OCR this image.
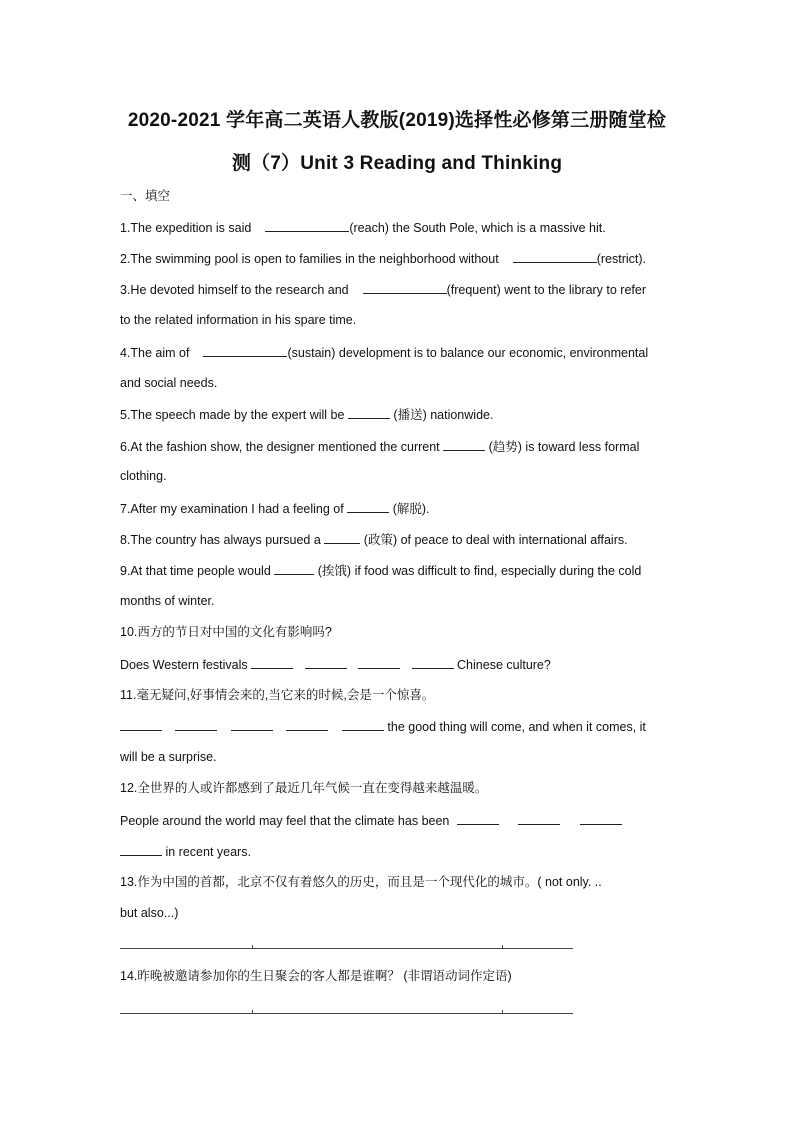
2020-2021 学年高二英语人教版(2019)选择性必修第三册随堂检
测（7）Unit 3 Reading and Thinking
一、填空
1.The expedition is said	(reach) the South Pole, which is a massive hit.
2.The swimming pool is open to families in the neighborhood without	(restrict).
3.He devoted himself to the research and	(frequent) went to the library to refer
to the related information in his spare time.
4.The aim of	(sustain) development is to balance our economic, environmental
and social needs.
5.The speech made by the expert will be	(播送) nationwide.
6.At the fashion show, the designer mentioned the current	(趋势) is toward less formal
clothing.
7.After my examination I had a feeling of	(解脱).
8.The country has always pursued a	(政策) of peace to deal with international affairs.
9.At that time people would	(挨饿) if food was difficult to find, especially during the cold
months of winter.
10.西方的节日对中国的文化有影响吗?
Does Western festivals	Chinese culture?
11.毫无疑问,好事情会来的,当它来的时候,会是一个惊喜。
the good thing will come, and when it comes, it
will be a surprise.
12.全世界的人或许都感到了最近几年气候一直在变得越来越温暖。
People around the world may feel that the climate has been
in recent years.
13.作为中国的首都，北京不仅有着悠久的历史，而且是一个现代化的城市。( not only. ..
but also...)
14.昨晚被邀请参加你的生日聚会的客人都是谁啊？ (非谓语动词作定语)
